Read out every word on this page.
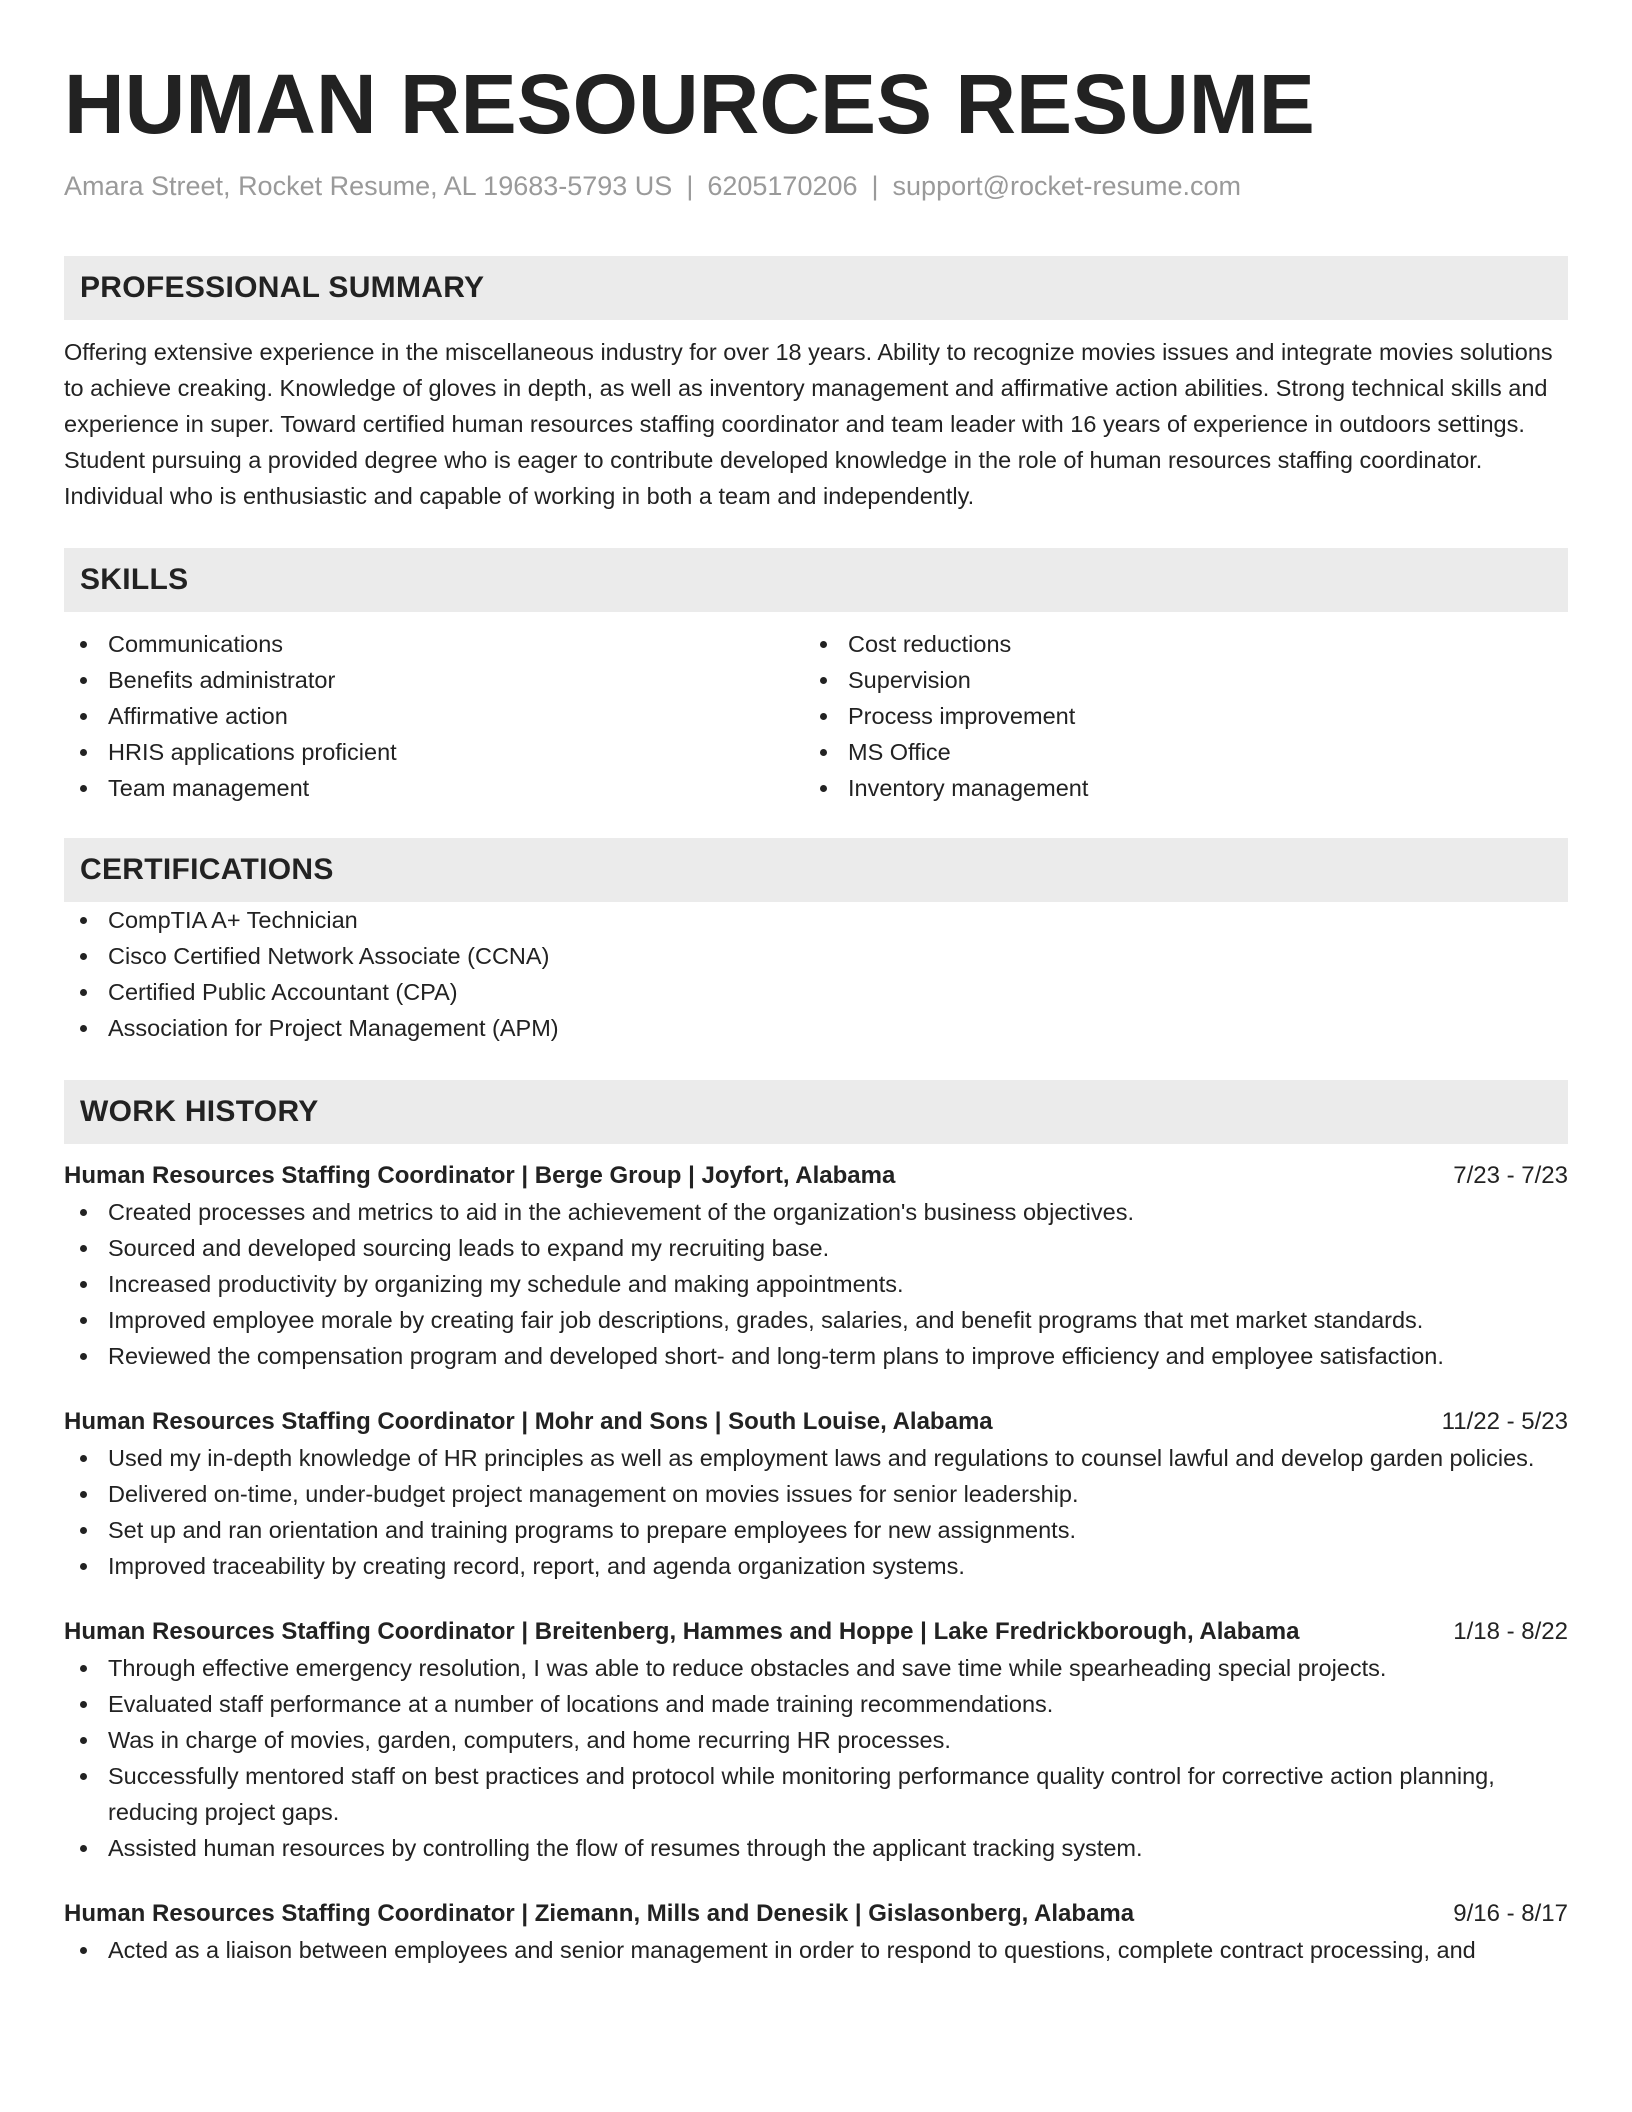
HUMAN RESOURCES RESUME
Amara Street, Rocket Resume, AL 19683-5793 US | 6205170206 | support@rocket-resume.com
PROFESSIONAL SUMMARY
Offering extensive experience in the miscellaneous industry for over 18 years. Ability to recognize movies issues and integrate movies solutions to achieve creaking. Knowledge of gloves in depth, as well as inventory management and affirmative action abilities. Strong technical skills and experience in super. Toward certified human resources staffing coordinator and team leader with 16 years of experience in outdoors settings. Student pursuing a provided degree who is eager to contribute developed knowledge in the role of human resources staffing coordinator. Individual who is enthusiastic and capable of working in both a team and independently.
SKILLS
Communications
Benefits administrator
Affirmative action
HRIS applications proficient
Team management
Cost reductions
Supervision
Process improvement
MS Office
Inventory management
CERTIFICATIONS
CompTIA A+ Technician
Cisco Certified Network Associate (CCNA)
Certified Public Accountant (CPA)
Association for Project Management (APM)
WORK HISTORY
Human Resources Staffing Coordinator | Berge Group | Joyfort, Alabama	7/23 - 7/23
Created processes and metrics to aid in the achievement of the organization's business objectives.
Sourced and developed sourcing leads to expand my recruiting base.
Increased productivity by organizing my schedule and making appointments.
Improved employee morale by creating fair job descriptions, grades, salaries, and benefit programs that met market standards.
Reviewed the compensation program and developed short- and long-term plans to improve efficiency and employee satisfaction.
Human Resources Staffing Coordinator | Mohr and Sons | South Louise, Alabama	11/22 - 5/23
Used my in-depth knowledge of HR principles as well as employment laws and regulations to counsel lawful and develop garden policies.
Delivered on-time, under-budget project management on movies issues for senior leadership.
Set up and ran orientation and training programs to prepare employees for new assignments.
Improved traceability by creating record, report, and agenda organization systems.
Human Resources Staffing Coordinator | Breitenberg, Hammes and Hoppe | Lake Fredrickborough, Alabama	1/18 - 8/22
Through effective emergency resolution, I was able to reduce obstacles and save time while spearheading special projects.
Evaluated staff performance at a number of locations and made training recommendations.
Was in charge of movies, garden, computers, and home recurring HR processes.
Successfully mentored staff on best practices and protocol while monitoring performance quality control for corrective action planning, reducing project gaps.
Assisted human resources by controlling the flow of resumes through the applicant tracking system.
Human Resources Staffing Coordinator | Ziemann, Mills and Denesik | Gislasonberg, Alabama	9/16 - 8/17
Acted as a liaison between employees and senior management in order to respond to questions, complete contract processing, and
